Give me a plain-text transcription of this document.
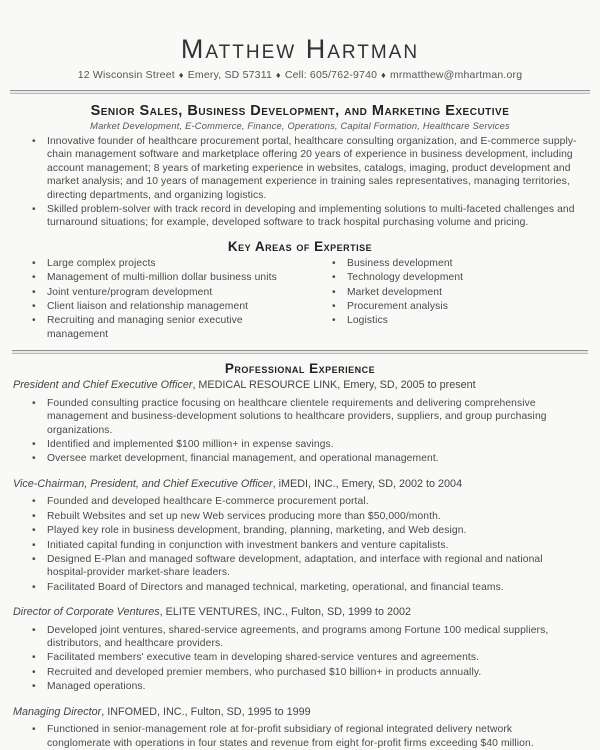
Matthew Hartman
12 Wisconsin Street ♦ Emery, SD 57311 ♦ Cell: 605/762-9740 ♦ mrmatthew@mhartman.org
Senior Sales, Business Development, and Marketing Executive
Market Development, E-Commerce, Finance, Operations, Capital Formation, Healthcare Services
• Innovative founder of healthcare procurement portal, healthcare consulting organization, and E-commerce supply-chain management software and marketplace offering 20 years of experience in business development, including account management; 8 years of marketing experience in websites, catalogs, imaging, product development and market analysis; and 10 years of management experience in training sales representatives, managing territories, directing departments, and organizing logistics.
• Skilled problem-solver with track record in developing and implementing solutions to multi-faceted challenges and turnaround situations; for example, developed software to track hospital purchasing volume and pricing.
Key Areas of Expertise
• Large complex projects
• Management of multi-million dollar business units
• Joint venture/program development
• Client liaison and relationship management
• Recruiting and managing senior executive management
• Business development
• Technology development
• Market development
• Procurement analysis
• Logistics
Professional Experience
President and Chief Executive Officer, MEDICAL RESOURCE LINK, Emery, SD, 2005 to present
• Founded consulting practice focusing on healthcare clientele requirements and delivering comprehensive management and business-development solutions to healthcare providers, suppliers, and group purchasing organizations.
• Identified and implemented $100 million+ in expense savings.
• Oversee market development, financial management, and operational management.
Vice-Chairman, President, and Chief Executive Officer, iMEDI, INC., Emery, SD, 2002 to 2004
• Founded and developed healthcare E-commerce procurement portal.
• Rebuilt Websites and set up new Web services producing more than $50,000/month.
• Played key role in business development, branding, planning, marketing, and Web design.
• Initiated capital funding in conjunction with investment bankers and venture capitalists.
• Designed E-Plan and managed software development, adaptation, and interface with regional and national hospital-provider market-share leaders.
• Facilitated Board of Directors and managed technical, marketing, operational, and financial teams.
Director of Corporate Ventures, ELITE VENTURES, INC., Fulton, SD, 1999 to 2002
• Developed joint ventures, shared-service agreements, and programs among Fortune 100 medical suppliers, distributors, and healthcare providers.
• Facilitated members' executive team in developing shared-service ventures and agreements.
• Recruited and developed premier members, who purchased $10 billion+ in products annually.
• Managed operations.
Managing Director, INFOMED, INC., Fulton, SD, 1995 to 1999
• Functioned in senior-management role at for-profit subsidiary of regional integrated delivery network conglomerate with operations in four states and revenue from eight for-profit firms exceeding $40 million.
